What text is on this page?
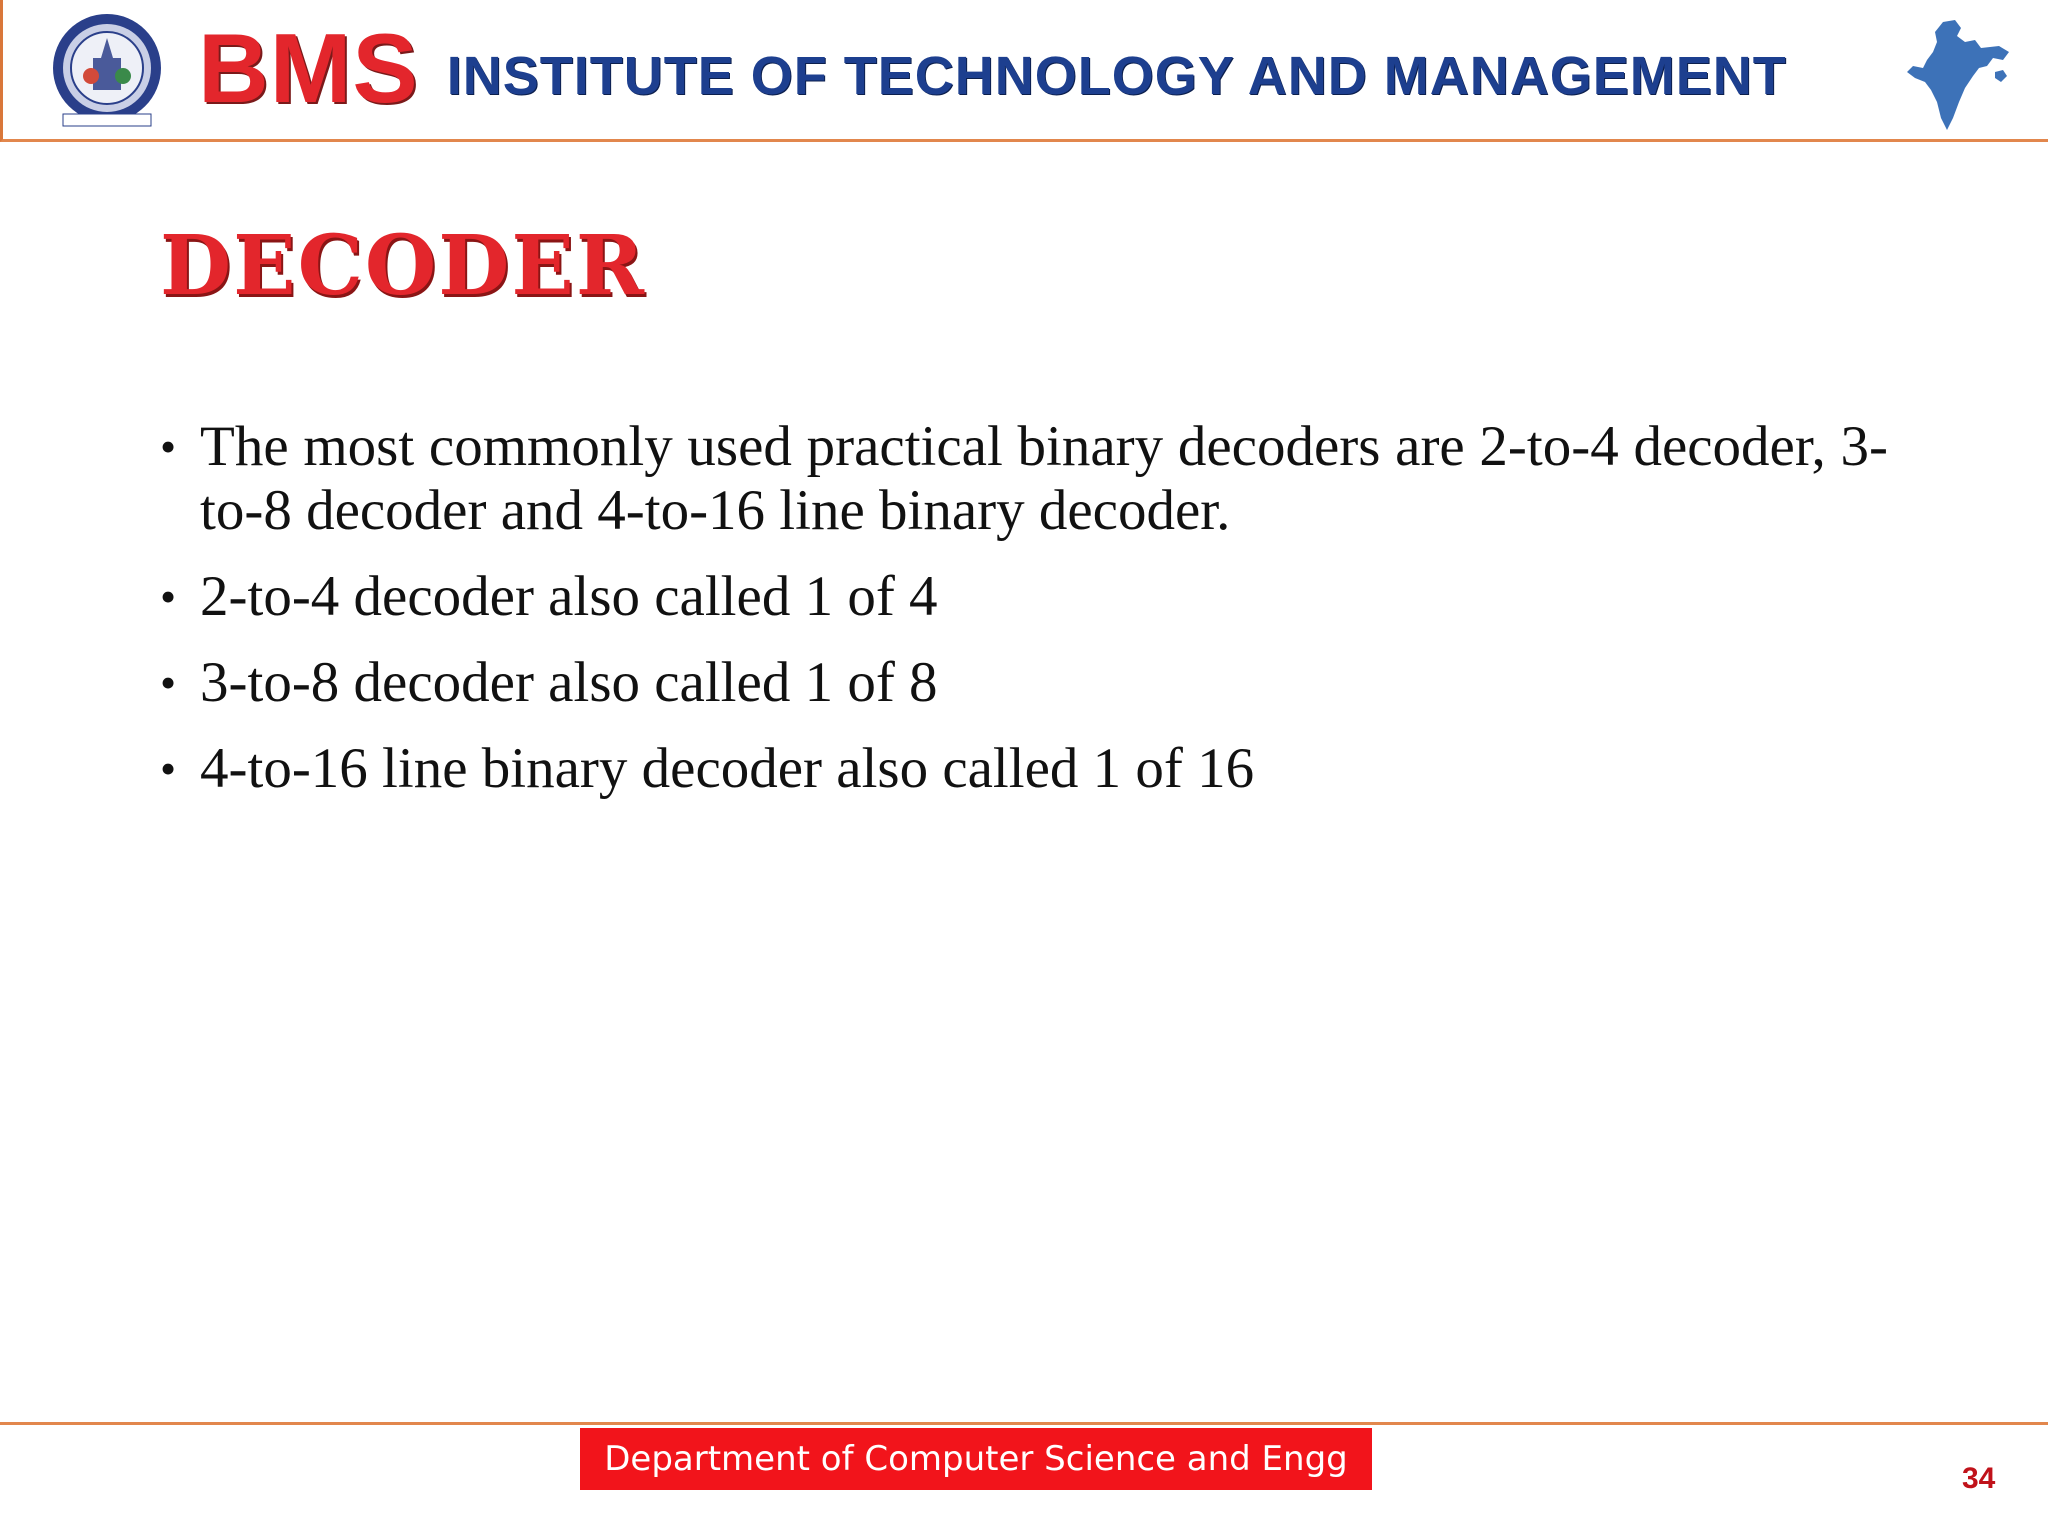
BMS INSTITUTE OF TECHNOLOGY AND MANAGEMENT
DECODER
• The most commonly used practical binary decoders are 2-to-4 decoder, 3-to-8 decoder and 4-to-16 line binary decoder.
• 2-to-4 decoder also called 1 of 4
• 3-to-8 decoder also called 1 of 8
• 4-to-16 line binary decoder also called 1 of 16
Department of Computer Science and Engg	34
